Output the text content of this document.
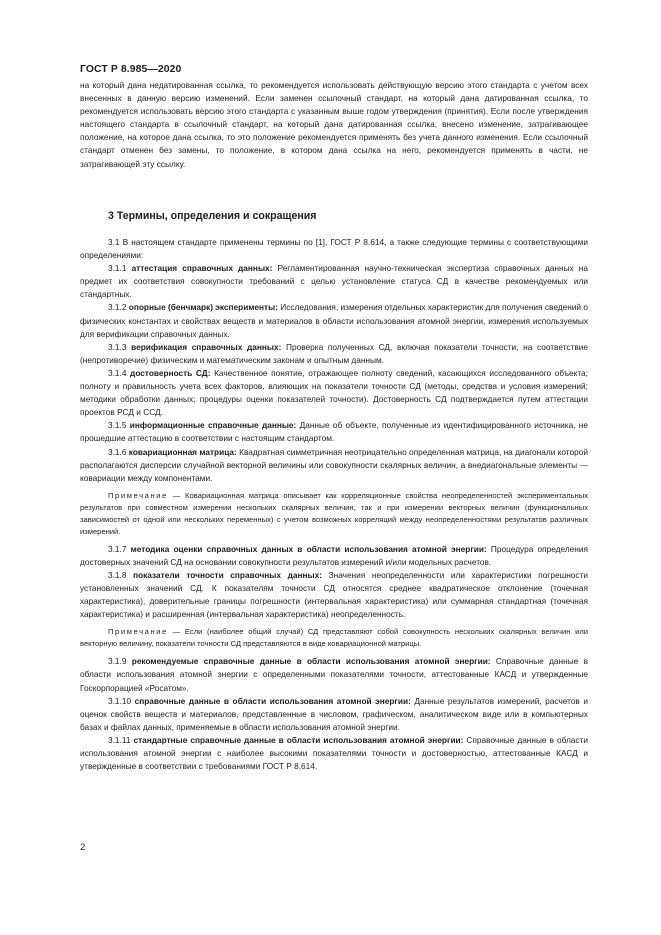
ГОСТ Р 8.985—2020

на который дана недатированная ссылка, то рекомендуется использовать действующую версию этого стандарта с учетом всех внесенных в данную версию изменений. Если заменен ссылочный стандарт, на который дана датированная ссылка, то рекомендуется использовать версию этого стандарта с указанным выше годом утверждения (принятия). Если после утверждения настоящего стандарта в ссылочный стандарт, на который дана датированная ссылка, внесено изменение, затрагивающее положение, на которое дана ссылка, то это положение рекомендуется применять без учета данного изменения. Если ссылочный стандарт отменен без замены, то положение, в котором дана ссылка на него, рекомендуется применять в части, не затрагивающей эту ссылку.

3 Термины, определения и сокращения

3.1 В настоящем стандарте применены термины по [1], ГОСТ Р 8.614, а также следующие термины с соответствующими определениями:

3.1.1 аттестация справочных данных: Регламентированная научно-техническая экспертиза справочных данных на предмет их соответствия совокупности требований с целью установление статуса СД в качестве рекомендуемых или стандартных.

3.1.2 опорные (бенчмарк) эксперименты: Исследования, измерения отдельных характеристик для получения сведений о физических константах и свойствах веществ и материалов в области использования атомной энергии, измерения используемых для верификации справочных данных.

3.1.3 верификация справочных данных: Проверка полученных СД, включая показатели точности, на соответствие (непротиворечие) физическим и математическим законам и опытным данным.

3.1.4 достоверность СД: Качественное понятие, отражающее полноту сведений, касающихся исследованного объекта; полноту и правильность учета всех факторов, влияющих на показатели точности СД (методы, средства и условия измерений; методики обработки данных; процедуры оценки показателей точности). Достоверность СД подтверждается путем аттестации проектов РСД и ССД.

3.1.5 информационные справочные данные: Данные об объекте, полученные из идентифицированного источника, не прошедшие аттестацию в соответствии с настоящим стандартом.

3.1.6 ковариационная матрица: Квадратная симметричная неотрицательно определенная матрица, на диагонали которой располагаются дисперсии случайной векторной величины или совокупности скалярных величин, а внедиагональные элементы — ковариации между компонентами.

Примечание — Ковариационная матрица описывает как корреляционные свойства неопределенностей экспериментальных результатов при совместном измерении нескольких скалярных величин, так и при измерении векторных величин (функциональных зависимостей от одной или нескольких переменных) с учетом возможных корреляций между неопределенностями результатов различных измерений.

3.1.7 методика оценки справочных данных в области использования атомной энергии: Процедура определения достоверных значений СД на основании совокупности результатов измерений и/или модельных расчетов.

3.1.8 показатели точности справочных данных: Значения неопределенности или характеристики погрешности установленных значений СД. К показателям точности СД относятся среднее квадратическое отклонение (точечная характеристика), доверительные границы погрешности (интервальная характеристика) или суммарная стандартная (точечная характеристика) и расширенная (интервальная характеристика) неопределенность.

Примечание — Если (наиболее общий случай) СД представляют собой совокупность нескольких скалярных величин или векторную величину, показатели точности СД представляются в виде ковариационной матрицы.

3.1.9 рекомендуемые справочные данные в области использования атомной энергии: Справочные данные в области использования атомной энергии с определенными показателями точности, аттестованные КАСД и утвержденные Госкорпорацией «Росатом».

3.1.10 справочные данные в области использования атомной энергии: Данные результатов измерений, расчетов и оценок свойств веществ и материалов, представленные в числовом, графическом, аналитическом виде или в компьютерных базах и файлах данных, применяемые в области использования атомной энергии.

3.1.11 стандартные справочные данные в области использования атомной энергии: Справочные данные в области использования атомной энергии с наиболее высокими показателями точности и достоверностью, аттестованные КАСД и утвержденные в соответствии с требованиями ГОСТ Р 8.614.

2
